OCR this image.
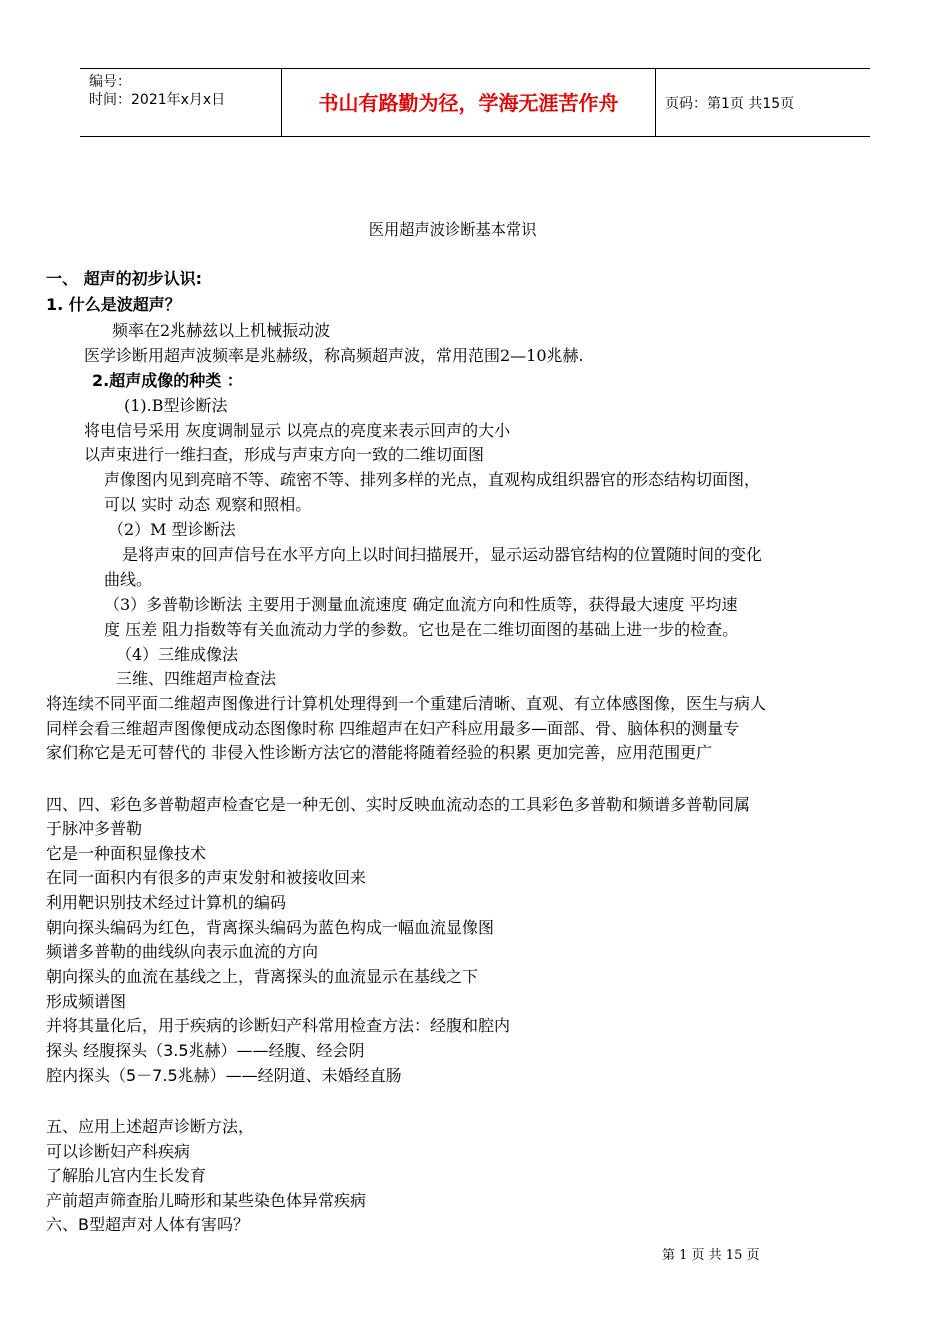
编号：
时间：2021年x月x日	书山有路勤为径，学海无涯苦作舟	页码：第1页 共15页
医用超声波诊断基本常识
一、 超声的初步认识:
1. 什么是波超声？
频率在2兆赫兹以上机械振动波
医学诊断用超声波频率是兆赫级，称高频超声波，常用范围2—10兆赫.
2.超声成像的种类 ：
(1).B型诊断法
将电信号采用 灰度调制显示 以亮点的亮度来表示回声的大小
以声束进行一维扫查，形成与声束方向一致的二维切面图
声像图内见到亮暗不等、疏密不等、排列多样的光点，直观构成组织器官的形态结构切面图，
可以 实时 动态 观察和照相。
（2）M 型诊断法
是将声束的回声信号在水平方向上以时间扫描展开，显示运动器官结构的位置随时间的变化
曲线。
（3）多普勒诊断法 主要用于测量血流速度 确定血流方向和性质等，获得最大速度 平均速
度 压差 阻力指数等有关血流动力学的参数。它也是在二维切面图的基础上进一步的检查。
（4）三维成像法
三维、四维超声检查法
将连续不同平面二维超声图像进行计算机处理得到一个重建后清晰、直观、有立体感图像，医生与病人
同样会看三维超声图像便成动态图像时称 四维超声在妇产科应用最多—面部、骨、脑体积的测量专
家们称它是无可替代的 非侵入性诊断方法它的潜能将随着经验的积累 更加完善，应用范围更广
四、四、彩色多普勒超声检查它是一种无创、实时反映血流动态的工具彩色多普勒和频谱多普勒同属
于脉冲多普勒
它是一种面积显像技术
在同一面积内有很多的声束发射和被接收回来
利用靶识别技术经过计算机的编码
朝向探头编码为红色，背离探头编码为蓝色构成一幅血流显像图
频谱多普勒的曲线纵向表示血流的方向
朝向探头的血流在基线之上，背离探头的血流显示在基线之下
形成频谱图
并将其量化后，用于疾病的诊断妇产科常用检查方法：经腹和腔内
探头 经腹探头（3.5兆赫）——经腹、经会阴
腔内探头（5－7.5兆赫）——经阴道、未婚经直肠
五、应用上述超声诊断方法，
可以诊断妇产科疾病
了解胎儿宫内生长发育
产前超声筛查胎儿畸形和某些染色体异常疾病
六、B型超声对人体有害吗？
第 1 页 共 15 页
